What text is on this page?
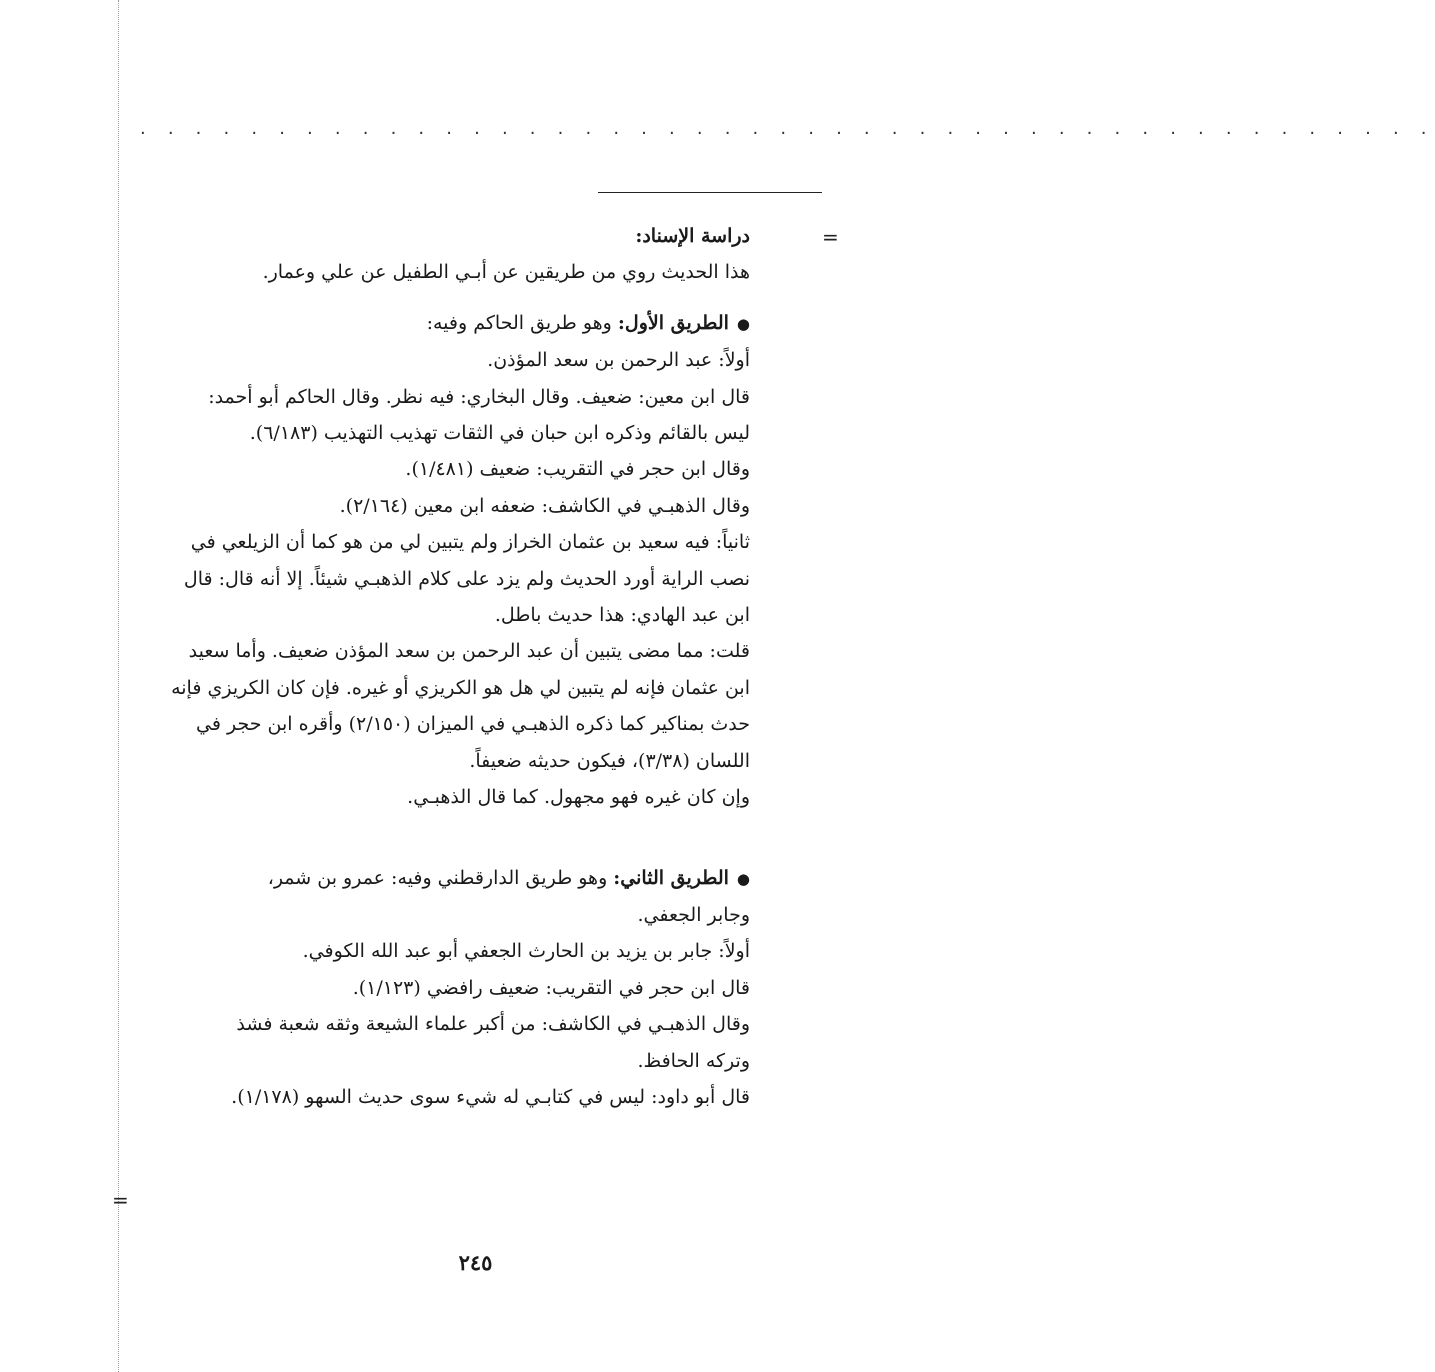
. . . . . . . . . . . . . . . . . . . . . . . . . . . . . . . . . . . . . . . . . . . . . . .
=
=

دراسة الإسناد:

هذا الحديث روي من طريقين عن أبـي الطفيل عن علي وعمار.

●الطريق الأول: وهو طريق الحاكم وفيه:

أولاً: عبد الرحمن بن سعد المؤذن.

قال ابن معين: ضعيف. وقال البخاري: فيه نظر. وقال الحاكم أبو أحمد:

ليس بالقائم وذكره ابن حبان في الثقات تهذيب التهذيب (٦/١٨٣).

وقال ابن حجر في التقريب: ضعيف (١/٤٨١).

وقال الذهبـي في الكاشف: ضعفه ابن معين (٢/١٦٤).

ثانياً: فيه سعيد بن عثمان الخراز ولم يتبين لي من هو كما أن الزيلعي في

نصب الراية أورد الحديث ولم يزد على كلام الذهبـي شيئاً. إلا أنه قال: قال

ابن عبد الهادي: هذا حديث باطل.

قلت: مما مضى يتبين أن عبد الرحمن بن سعد المؤذن ضعيف. وأما سعيد

ابن عثمان فإنه لم يتبين لي هل هو الكريزي أو غيره. فإن كان الكريزي فإنه

حدث بمناكير كما ذكره الذهبـي في الميزان (٢/١٥٠) وأقره ابن حجر في

اللسان (٣/٣٨)، فيكون حديثه ضعيفاً.

وإن كان غيره فهو مجهول. كما قال الذهبـي.

●الطريق الثاني: وهو طريق الدارقطني وفيه: عمرو بن شمر،

وجابر الجعفي.

أولاً: جابر بن يزيد بن الحارث الجعفي أبو عبد الله الكوفي.

قال ابن حجر في التقريب: ضعيف رافضي (١/١٢٣).

وقال الذهبـي في الكاشف: من أكبر علماء الشيعة وثقه شعبة فشذ

وتركه الحافظ.

قال أبو داود: ليس في كتابـي له شيء سوى حديث السهو (١/١٧٨).

٢٤٥
